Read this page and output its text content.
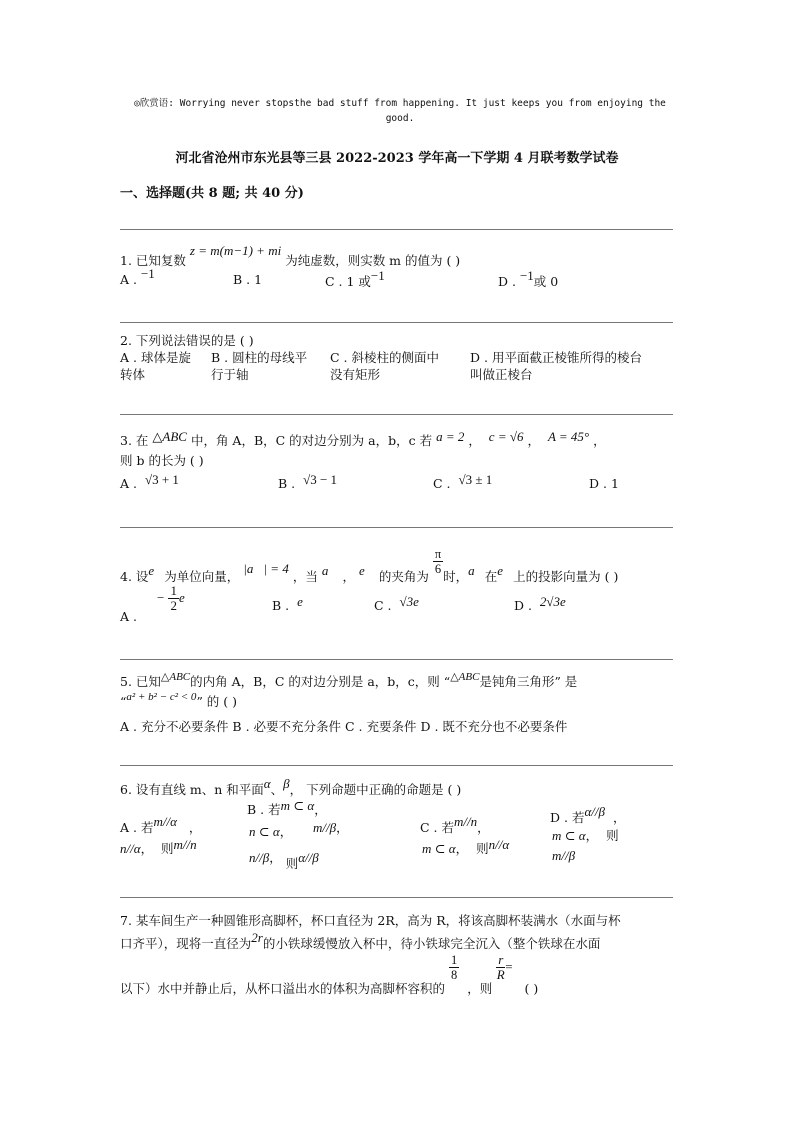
◎欣赏语: Worrying never stopsthe bad stuff from happening. It just keeps you from enjoying the good.
河北省沧州市东光县等三县 2022-2023 学年高一下学期 4 月联考数学试卷
一、选择题(共 8 题; 共 40 分)
1. 已知复数 z = m(m−1) + mi 为纯虚数，则实数 m 的值为 ( )
A . −1	B . 1	C . 1 或−1	D . −1或 0
2. 下列说法错误的是 ( )
A . 球体是旋
转体
B . 圆柱的母线平
行于轴
C . 斜棱柱的侧面中
没有矩形
D . 用平面截正棱锥所得的棱台
叫做正棱台
3. 在 △ABC 中，角 A，B，C 的对边分别为 a，b，c 若 a = 2 ， c = √6 ， A = 45° ，
则 b 的长为 ( )
A . √3 + 1	B . √3 − 1	C . √3 ± 1	D . 1
4. 设e⃗为单位向量， |a⃗| = 4 ，当 a⃗ ， e⃗ 的夹角为
$\frac{\pi}{6}$
时，a⃗在e⃗上的投影向量为 ( )
A .
− $\frac{1}{2}$ e⃗
B . e⃗	C . √3e⃗	D . 2√3e⃗
5. 已知△ABC的内角 A，B，C 的对边分别是 a，b，c，则 “△ABC是钝角三角形” 是
“a² + b² − c² < 0” 的 ( )
A . 充分不必要条件 B . 必要不充分条件 C . 充要条件 D . 既不充分也不必要条件
6. 设有直线 m、n 和平面α、β， 下列命题中正确的命题是 ( )
A . 若m//α ，
n//α， 则m//n
B . 若m ⊂ α，
n ⊂ α， m//β，
n//β， 则α//β
C . 若m//n，
m ⊂ α， 则n//α
D . 若α//β ，
m ⊂ α， 则
m//β
7. 某车间生产一种圆锥形高脚杯，杯口直径为 2R，高为 R，将该高脚杯装满水（水面与杯
口齐平），现将一直径为2r的小铁球缓慢放入杯中，待小铁球完全沉入（整个铁球在水面
以下）水中并静止后，从杯口溢出水的体积为高脚杯容积的
$\frac{1}{8}$
，则
$\frac{r}{R}$ =   ( )
